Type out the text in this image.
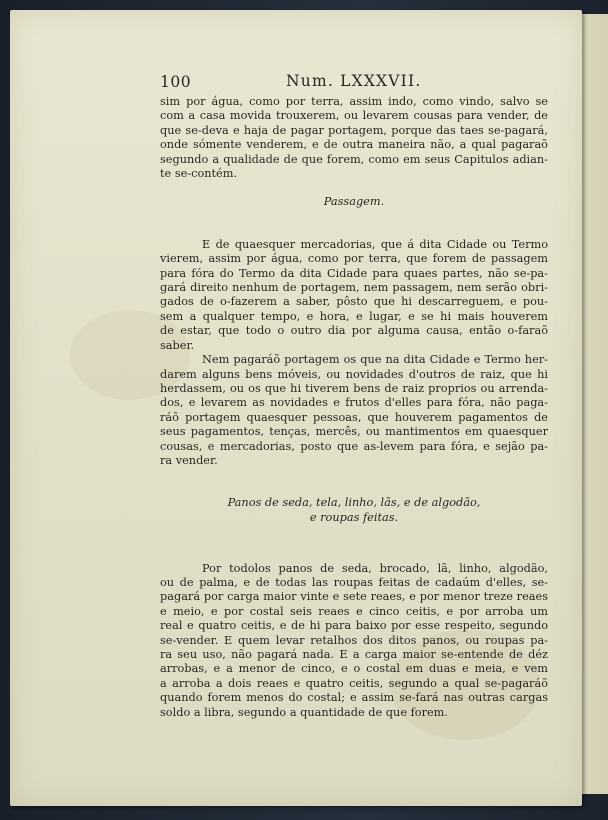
100	Num. LXXXVII.
sim por água, como por terra, assim indo, como vindo, salvo se
com a casa movida trouxerem, ou levarem cousas para vender, de
que se-deva e haja de pagar portagem, porque das taes se-pagará,
onde sómente venderem, e de outra maneira não, a qual pagaraõ
segundo a qualidade de que forem, como em seus Capitulos adian-
te se-contém.
Passagem.
E de quaesquer mercadorias, que á dita Cidade ou Termo
vierem, assim por água, como por terra, que forem de passagem
para fóra do Termo da dita Cidade para quaes partes, não se-pa-
gará direito nenhum de portagem, nem passagem, nem serão obri-
gados de o-fazerem a saber, pôsto que hi descarreguem, e pou-
sem a qualquer tempo, e hora, e lugar, e se hi mais houverem
de estar, que todo o outro dia por alguma causa, então o-faraõ
saber.
Nem pagaráõ portagem os que na dita Cidade e Termo her-
darem alguns bens móveis, ou novidades d'outros de raiz, que hi
herdassem, ou os que hi tiverem bens de raiz proprios ou arrenda-
dos, e levarem as novidades e frutos d'elles para fóra, não paga-
ráõ portagem quaesquer pessoas, que houverem pagamentos de
seus pagamentos, tenças, mercês, ou mantimentos em quaesquer
cousas, e mercadorias, posto que as-levem para fóra, e sejão pa-
ra vender.
Panos de seda, tela, linho, lãs, e de algodão,
e roupas feitas.
Por todolos panos de seda, brocado, lã, linho, algodão,
ou de palma, e de todas las roupas feitas de cadaúm d'elles, se-
pagará por carga maior vinte e sete reaes, e por menor treze reaes
e meio, e por costal seis reaes e cinco ceitis, e por arroba um
real e quatro ceitis, e de hi para baixo por esse respeito, segundo
se-vender. E quem levar retalhos dos ditos panos, ou roupas pa-
ra seu uso, não pagará nada. E a carga maior se-entende de déz
arrobas, e a menor de cinco, e o costal em duas e meia, e vem
a arroba a dois reaes e quatro ceitis, segundo a qual se-pagaráõ
quando forem menos do costal; e assim se-fará nas outras cargas
soldo a libra, segundo a quantidade de que forem.
